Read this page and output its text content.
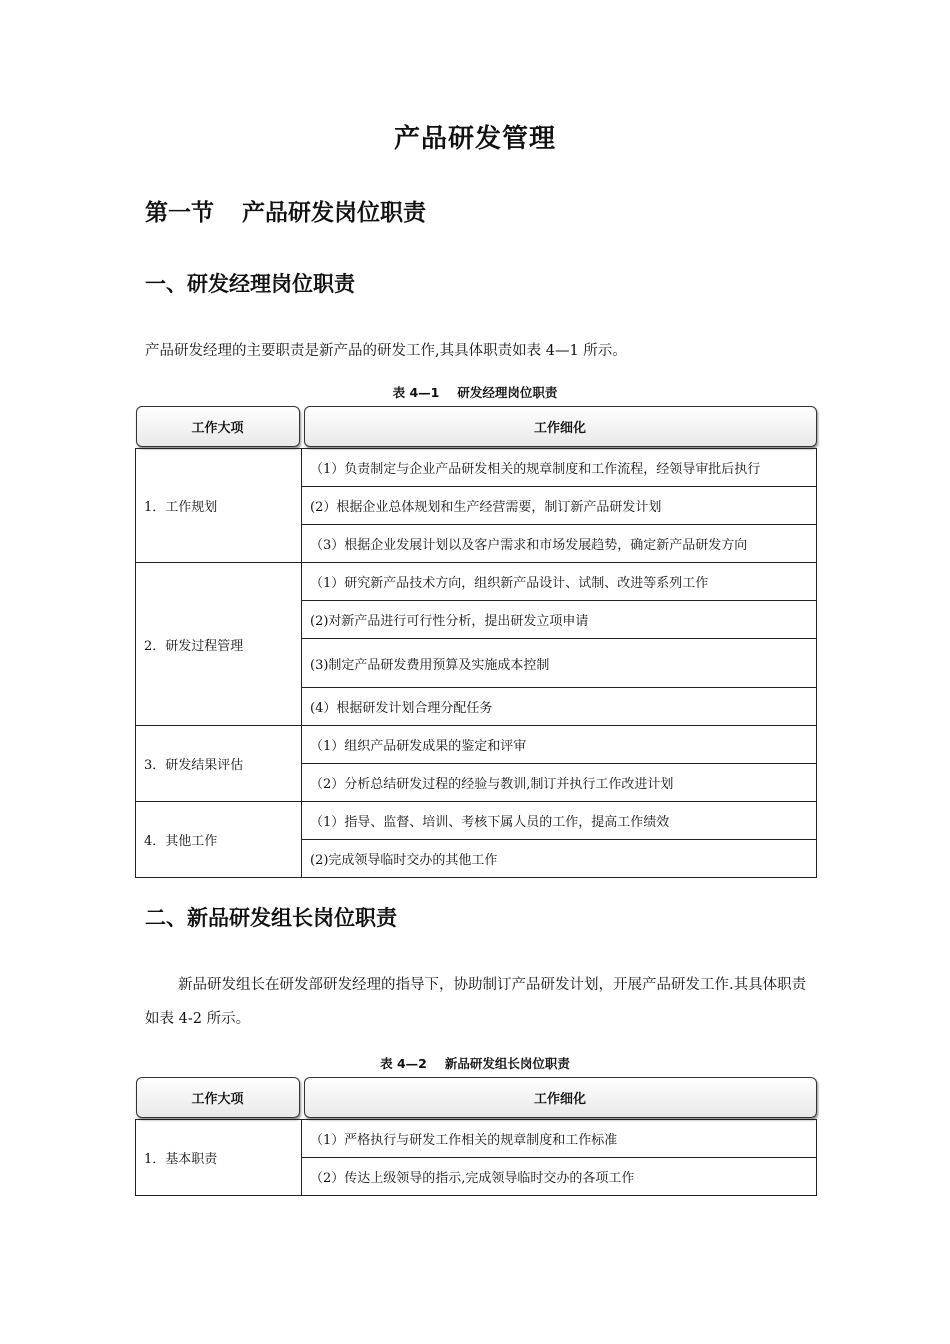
产品研发管理
第一节 产品研发岗位职责
一、研发经理岗位职责
产品研发经理的主要职责是新产品的研发工作,其具体职责如表 4—1 所示。
表 4—1 研发经理岗位职责
工作大项	工作细化

1．工作规划	（1）负责制定与企业产品研发相关的规章制度和工作流程，经领导审批后执行
	(2）根据企业总体规划和生产经营需要，制订新产品研发计划
	（3）根据企业发展计划以及客户需求和市场发展趋势，确定新产品研发方向
2．研发过程管理	（1）研究新产品技术方向，组织新产品设计、试制、改进等系列工作
	(2)对新产品进行可行性分析，提出研发立项申请
	(3)制定产品研发费用预算及实施成本控制
	(4）根据研发计划合理分配任务
3．研发结果评估	（1）组织产品研发成果的鉴定和评审
	（2）分析总结研发过程的经验与教训,制订并执行工作改进计划
4．其他工作	（1）指导、监督、培训、考核下属人员的工作，提高工作绩效
	(2)完成领导临时交办的其他工作
二、新品研发组长岗位职责
新品研发组长在研发部研发经理的指导下，协助制订产品研发计划，开展产品研发工作.其具体职责如表 4-2 所示。
表 4—2 新品研发组长岗位职责
工作大项	工作细化

1．基本职责	（1）严格执行与研发工作相关的规章制度和工作标准
	（2）传达上级领导的指示,完成领导临时交办的各项工作
